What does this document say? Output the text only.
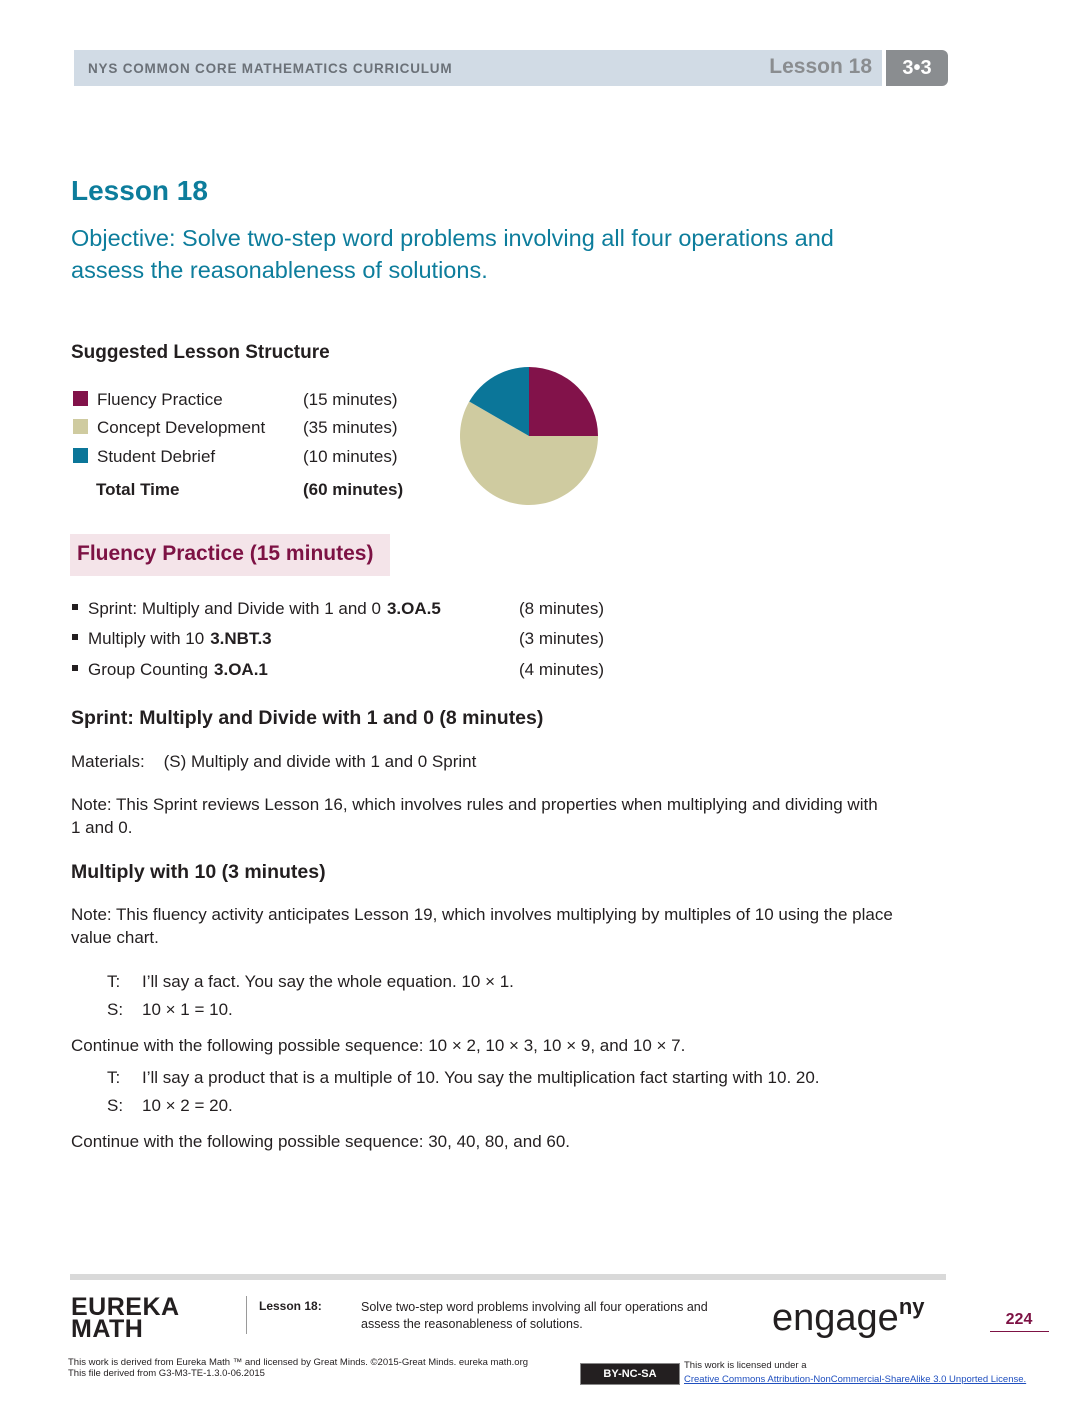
NYS COMMON CORE MATHEMATICS CURRICULUM	Lesson 18	3•3
Lesson 18
Objective: Solve two-step word problems involving all four operations and
assess the reasonableness of solutions.
Suggested Lesson Structure
Fluency Practice	(15 minutes)
Concept Development (35 minutes)
Student Debrief	(10 minutes)
Total Time	(60 minutes)
Fluency Practice (15 minutes)
Sprint: Multiply and Divide with 1 and 0 3.OA.5	(8 minutes)
Multiply with 10 3.NBT.3	(3 minutes)
Group Counting 3.OA.1	(4 minutes)
Sprint: Multiply and Divide with 1 and 0 (8 minutes)
Materials:    (S) Multiply and divide with 1 and 0 Sprint
Note: This Sprint reviews Lesson 16, which involves rules and properties when multiplying and dividing with
1 and 0.
Multiply with 10 (3 minutes)
Note: This fluency activity anticipates Lesson 19, which involves multiplying by multiples of 10 using the place
value chart.
T: I’ll say a fact. You say the whole equation. 10 × 1.
S: 10 × 1 = 10.
Continue with the following possible sequence: 10 × 2, 10 × 3, 10 × 9, and 10 × 7.
T: I’ll say a product that is a multiple of 10. You say the multiplication fact starting with 10. 20.
S: 10 × 2 = 20.
Continue with the following possible sequence: 30, 40, 80, and 60.
EUREKA
MATH
Lesson 18:	Solve two-step word problems involving all four operations and
assess the reasonableness of solutions.	engage$^{ny}$
224
This work is derived from Eureka Math ™ and licensed by Great Minds. ©2015-Great Minds. eureka math.org
This file derived from G3-M3-TE-1.3.0-06.2015	BY-NC-SA
This work is licensed under a
Creative Commons Attribution-NonCommercial-ShareAlike 3.0 Unported License.
